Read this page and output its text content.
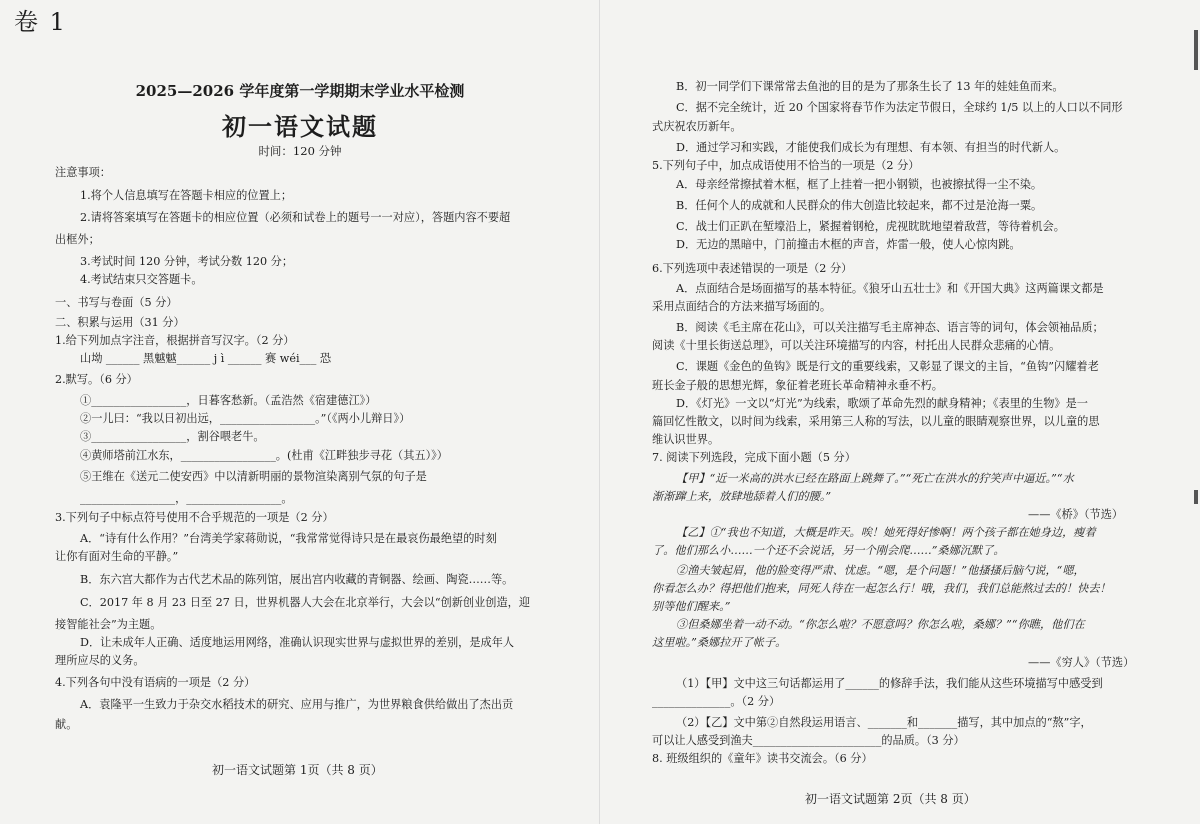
卷 1
2025—2026 学年度第一学期期末学业水平检测
初一语文试题
时间：120 分钟
注意事项：
1.将个人信息填写在答题卡相应的位置上；
2.请将答案填写在答题卡的相应位置（必须和试卷上的题号一一对应），答题内容不要超
出框外；
3.考试时间 120 分钟，考试分数 120 分；
4.考试结束只交答题卡。
一、书写与卷面（5 分）
二、积累与运用（31 分）
1.给下列加点字注音，根据拼音写汉字。（2 分）
山坳 ______ 黑魆魆______ j ì ______ 赛 wéi___ 恐
2.默写。（6 分）
①_________________，日暮客愁新。（孟浩然《宿建德江》）
②一儿曰：“我以日初出远，_________________。”（《两小儿辩日》）
③_________________，割谷喂老牛。
④黄师塔前江水东，_________________。(杜甫《江畔独步寻花（其五）》）
⑤王维在《送元二使安西》中以清新明丽的景物渲染离别气氛的句子是
_________________，_________________。
3.下列句子中标点符号使用不合乎规范的一项是（2 分）
A．“诗有什么作用？”台湾美学家蒋勋说，“我常常觉得诗只是在最哀伤最绝望的时刻
让你有面对生命的平静。”
B．东六宫大都作为古代艺术品的陈列馆，展出宫内收藏的青铜器、绘画、陶瓷……等。
C．2017 年 8 月 23 日至 27 日，世界机器人大会在北京举行，大会以“创新创业创造，迎
接智能社会”为主题。
D．让未成年人正确、适度地运用网络，准确认识现实世界与虚拟世界的差别，是成年人
理所应尽的义务。
4.下列各句中没有语病的一项是（2 分）
A．袁隆平一生致力于杂交水稻技术的研究、应用与推广，为世界粮食供给做出了杰出贡
献。
初一语文试题第 1页（共 8 页）
B．初一同学们下课常常去鱼池的目的是为了那条生长了 13 年的娃娃鱼而来。
C．据不完全统计，近 20 个国家将春节作为法定节假日，全球约 1/5 以上的人口以不同形
式庆祝农历新年。
D．通过学习和实践，才能使我们成长为有理想、有本领、有担当的时代新人。
5.下列句子中，加点成语使用不恰当的一项是（2 分）
A．母亲经常擦拭着木框，框了上挂着一把小钢锁，也被擦拭得一尘不染。
B．任何个人的成就和人民群众的伟大创造比较起来，都不过是沧海一粟。
C．战士们正趴在堑壕沿上，紧握着钢枪，虎视眈眈地望着敌营，等待着机会。
D．无边的黑暗中，门前撞击木框的声音，炸雷一般，使人心惊肉跳。
6.下列选项中表述错误的一项是（2 分）
A．点面结合是场面描写的基本特征。《狼牙山五壮士》和《开国大典》这两篇课文都是
采用点面结合的方法来描写场面的。
B．阅读《毛主席在花山》，可以关注描写毛主席神态、语言等的词句，体会领袖品质；
阅读《十里长街送总理》，可以关注环境描写的内容，村托出人民群众悲痛的心情。
C．课题《金色的鱼钩》既是行文的重要线索，又彰显了课文的主旨，“鱼钩”闪耀着老
班长金子般的思想光辉，象征着老班长革命精神永垂不朽。
D．《灯光》一文以“灯光”为线索，歌颂了革命先烈的献身精神；《表里的生物》是一
篇回忆性散文，以时间为线索，采用第三人称的写法，以儿童的眼睛观察世界，以儿童的思
维认识世界。
7. 阅读下列选段，完成下面小题（5 分）
【甲】“近一米高的洪水已经在路面上跳舞了。”“死亡在洪水的狞笑声中逼近。”“水
渐渐蹿上来，放肆地舔着人们的腰。”
——《桥》（节选）
【乙】①“我也不知道，大概是昨天。唉！她死得好惨啊！两个孩子都在她身边，瘦着
了。他们那么小……一个还不会说话，另一个刚会爬……”桑娜沉默了。
②渔夫皱起眉，他的脸变得严肃、忧虑。“嗯，是个问题！”他搔搔后脑勺说，“嗯，
你看怎么办？得把他们抱来，同死人待在一起怎么行！哦，我们，我们总能熬过去的！快去！
别等他们醒来。”
③但桑娜坐着一动不动。“你怎么啦？不愿意吗？你怎么啦，桑娜？”“你瞧，他们在
这里啦。”桑娜拉开了帐子。
——《穷人》（节选）
（1）【甲】文中这三句话都运用了______的修辞手法，我们能从这些环境描写中感受到
______________。（2 分）
（2）【乙】文中第②自然段运用语言、_______和_______描写，其中加点的“熬”字，
可以让人感受到渔夫_______________________的品质。（3 分）
8. 班级组织的《童年》读书交流会。（6 分）
初一语文试题第 2页（共 8 页）
